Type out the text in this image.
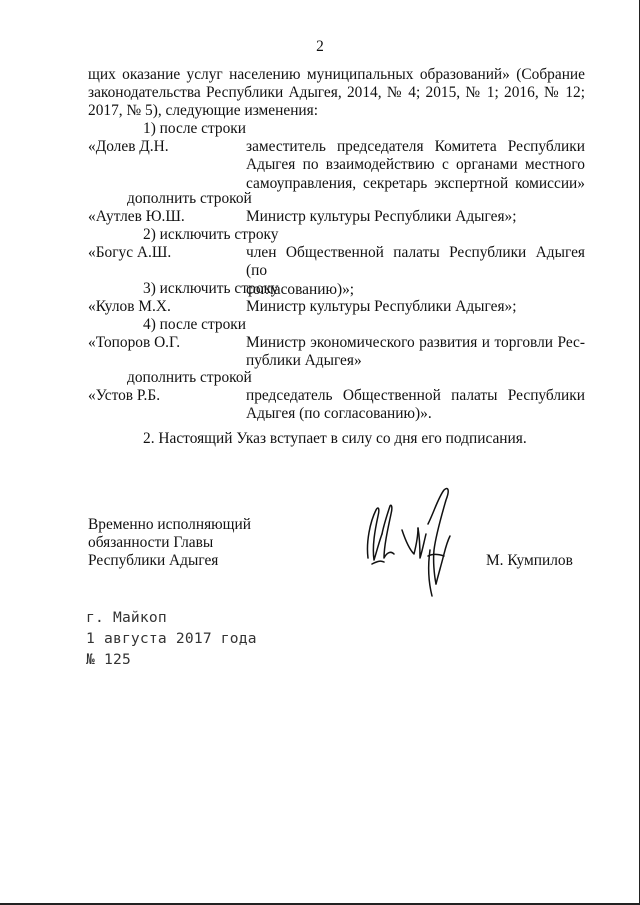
2
щих оказание услуг населению муниципальных образований» (Собрание
законодательства Республики Адыгея, 2014, № 4; 2015, № 1; 2016, № 12;
2017, № 5), следующие изменения:
1) после строки
«Долев Д.Н.	заместитель председателя Комитета Республики
Адыгея по взаимодействию с органами местного
самоуправления, секретарь экспертной комиссии»
дополнить строкой
«Аутлев Ю.Ш.	Министр культуры Республики Адыгея»;
2) исключить строку
«Богус А.Ш.	член Общественной палаты Республики Адыгея (по
согласованию)»;
3) исключить строку
«Кулов М.Х.	Министр культуры Республики Адыгея»;
4) после строки
«Топоров О.Г.	Министр экономического развития и торговли Рес-
публики Адыгея»
дополнить строкой
«Устов Р.Б.	председатель Общественной палаты Республики
Адыгея (по согласованию)».
2. Настоящий Указ вступает в силу со дня его подписания.
Временно исполняющий
обязанности Главы
Республики Адыгея	М. Кумпилов
г. Майкоп
1 августа 2017 года
№ 125
